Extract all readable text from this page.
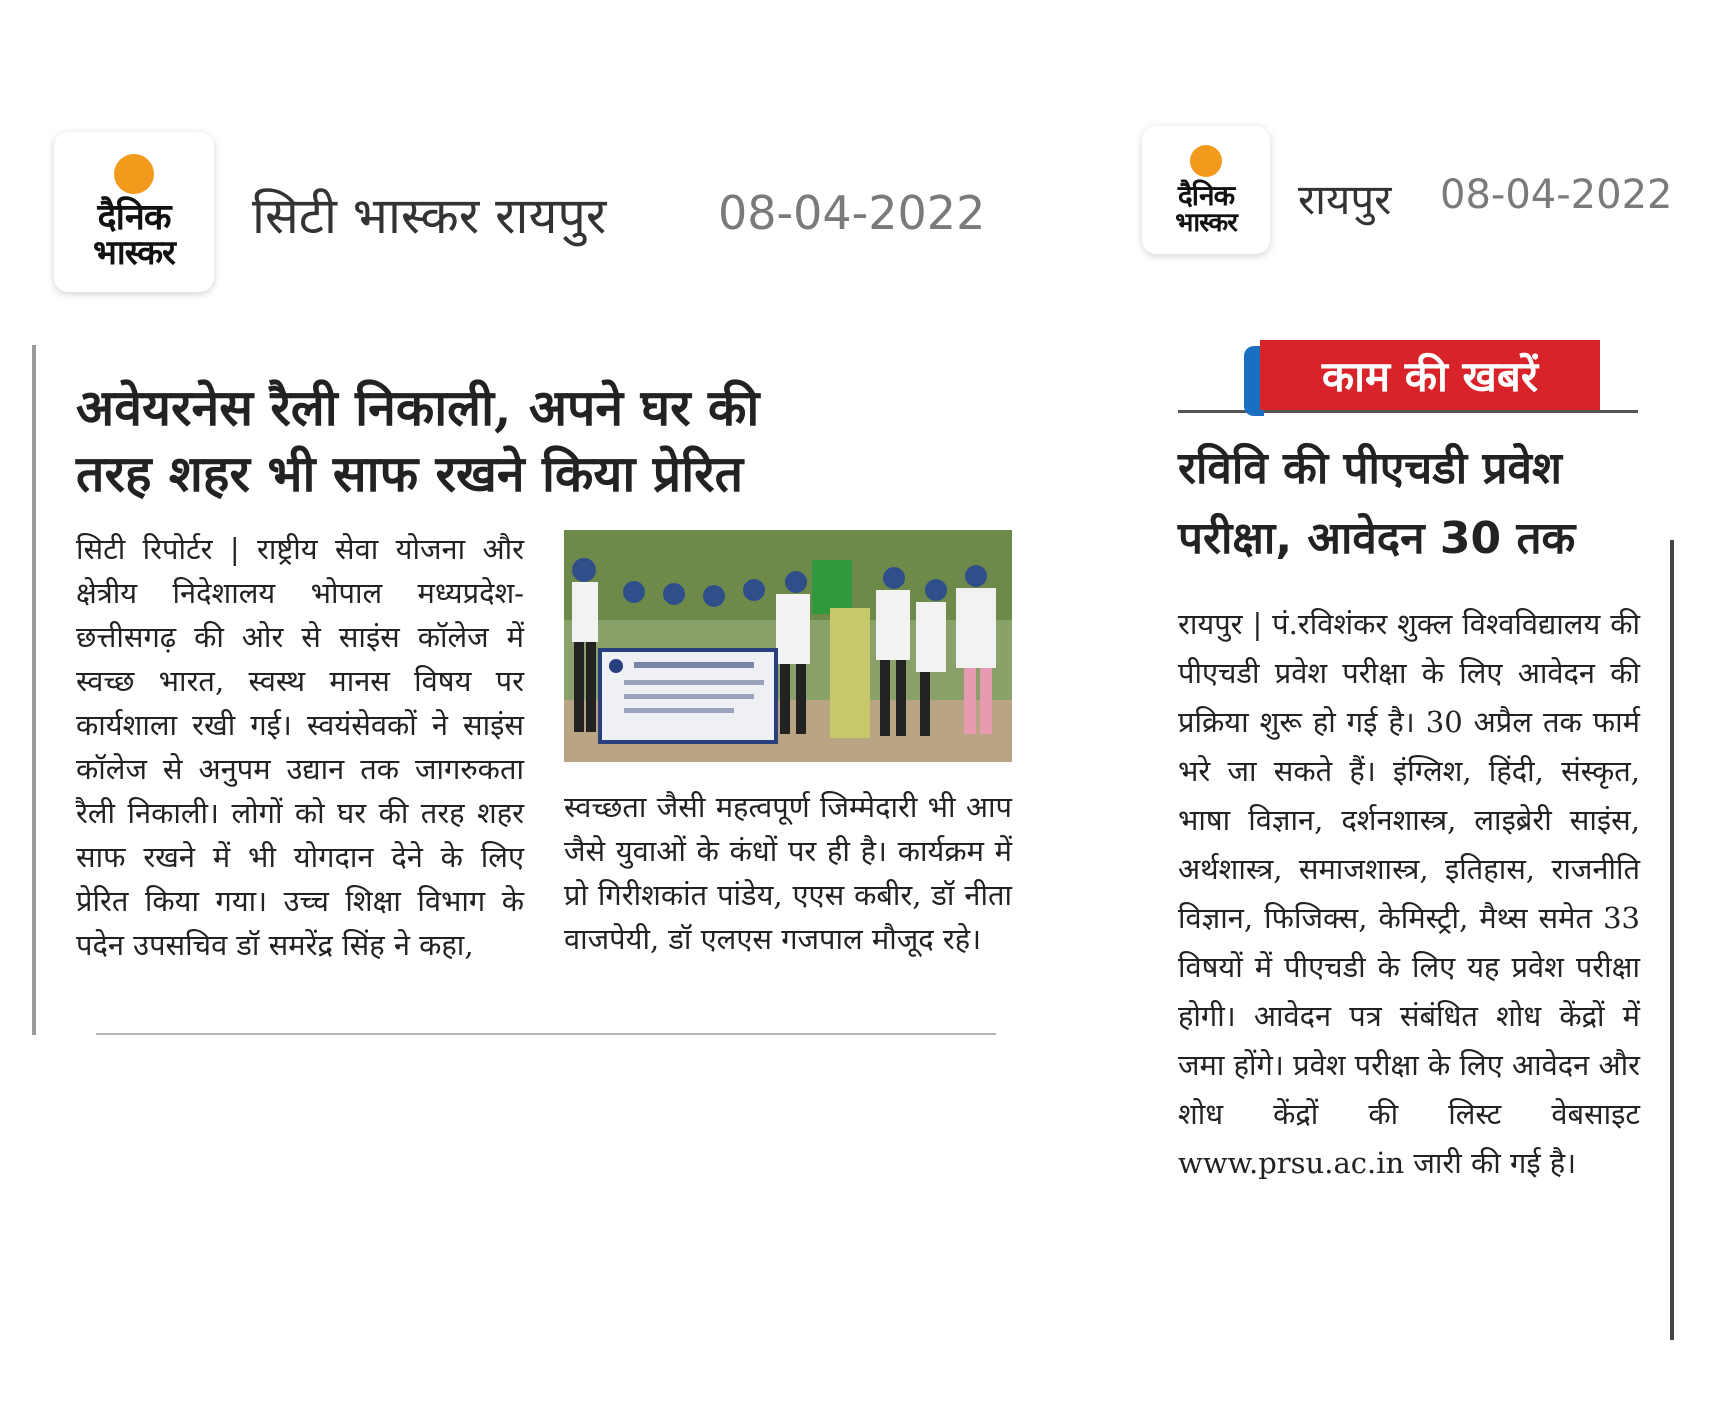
दैनिक
भास्कर
सिटी भास्कर रायपुर 08-04-2022	दैनिक
भास्कर रायपुर 08-04-2022
अवेयरनेस रैली निकाली, अपने घर की
तरह शहर भी साफ रखने किया प्रेरित

सिटी रिपोर्टर | राष्ट्रीय सेवा योजना और क्षेत्रीय निदेशालय भोपाल मध्यप्रदेश-छत्तीसगढ़ की ओर से साइंस कॉलेज में स्वच्छ भारत, स्वस्थ मानस विषय पर कार्यशाला रखी गई। स्वयंसेवकों ने साइंस कॉलेज से अनुपम उद्यान तक जागरुकता रैली निकाली। लोगों को घर की तरह शहर साफ रखने में भी योगदान देने के लिए प्रेरित किया गया। उच्च शिक्षा विभाग के पदेन उपसचिव डॉ समरेंद्र सिंह ने कहा,

स्वच्छता जैसी महत्वपूर्ण जिम्मेदारी भी आप जैसे युवाओं के कंधों पर ही है। कार्यक्रम में प्रो गिरीशकांत पांडेय, एएस कबीर, डॉ नीता वाजपेयी, डॉ एलएस गजपाल मौजूद रहे।

काम की खबरें
रविवि की पीएचडी प्रवेश
परीक्षा, आवेदन 30 तक

रायपुर | पं.रविशंकर शुक्ल विश्वविद्यालय की पीएचडी प्रवेश परीक्षा के लिए आवेदन की प्रक्रिया शुरू हो गई है। 30 अप्रैल तक फार्म भरे जा सकते हैं। इंग्लिश, हिंदी, संस्कृत, भाषा विज्ञान, दर्शनशास्त्र, लाइब्रेरी साइंस, अर्थशास्त्र, समाजशास्त्र, इतिहास, राजनीति विज्ञान, फिजिक्स, केमिस्ट्री, मैथ्स समेत 33 विषयों में पीएचडी के लिए यह प्रवेश परीक्षा होगी। आवेदन पत्र संबंधित शोध केंद्रों में जमा होंगे। प्रवेश परीक्षा के लिए आवेदन और शोध केंद्रों की लिस्ट वेबसाइट www.prsu.ac.in जारी की गई है।
